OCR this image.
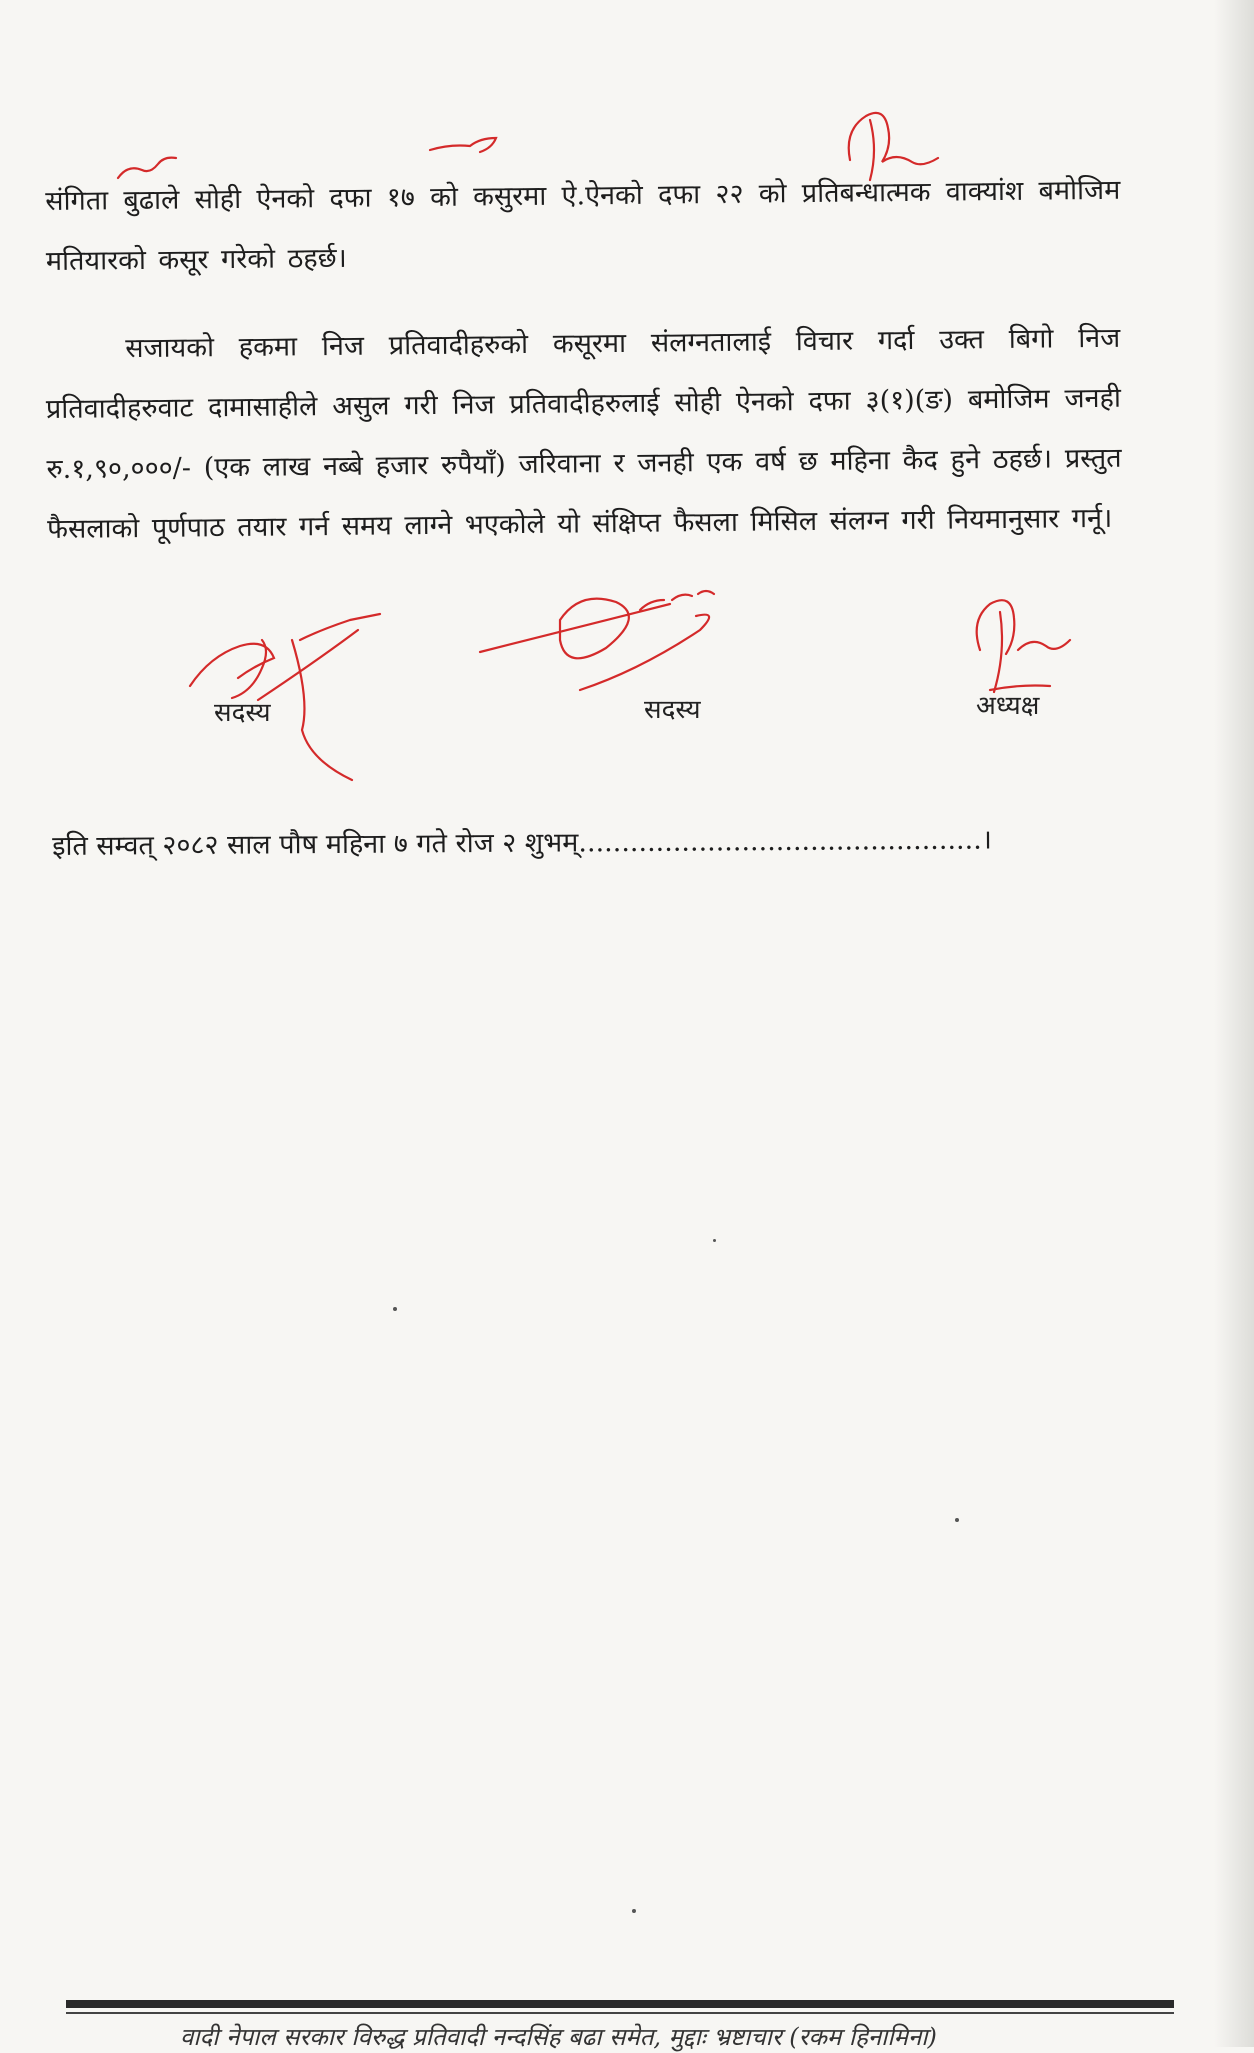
संगिता बुढाले सोही ऐनको दफा १७ को कसुरमा ऐ.ऐनको दफा २२ को प्रतिबन्धात्मक वाक्यांश बमोजिम मतियारको कसूर गरेको ठहर्छ।
सजायको हकमा निज प्रतिवादीहरुको कसूरमा संलग्नतालाई विचार गर्दा उक्त बिगो निज प्रतिवादीहरुवाट दामासाहीले असुल गरी निज प्रतिवादीहरुलाई सोही ऐनको दफा ३(१)(ङ) बमोजिम जनही रु.१,९०,०००/- (एक लाख नब्बे हजार रुपैयाँ) जरिवाना र जनही एक वर्ष छ महिना कैद हुने ठहर्छ। प्रस्तुत फैसलाको पूर्णपाठ तयार गर्न समय लाग्ने भएकोले यो संक्षिप्त फैसला मिसिल संलग्न गरी नियमानुसार गर्नू।
सदस्य	सदस्य	अध्यक्ष
इति सम्वत् २०८२ साल पौष महिना ७ गते रोज २ शुभम्...............................................।
वादी नेपाल सरकार विरुद्ध प्रतिवादी नन्दसिंह बढा समेत, मुद्दाः भ्रष्टाचार (रकम हिनामिना)
